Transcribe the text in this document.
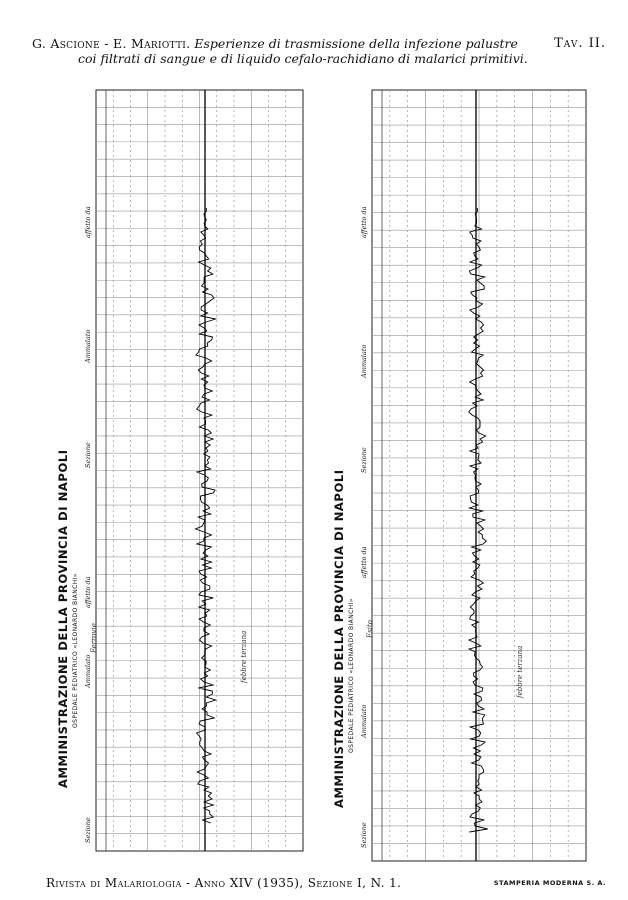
G. Ascione - E. Mariotti. Esperienze di trasmissione della infezione palustre
coi filtrati di sangue e di liquido cefalo-rachidiano di malarici primitivi.
Tav. II.
AMMINISTRAZIONE DELLA PROVINCIA DI NAPOLI OSPEDALE PEDIATRICO «LEONARDO BIANCHI»
Sezione
Ammalato
affetto da
Sezione
Ammalato
affetto da
Ferrovie	febbre terzana	AMMINISTRAZIONE DELLA PROVINCIA DI NAPOLI OSPEDALE PEDIATRICO «LEONARDO BIANCHI»
Sezione
Ammalato
affetto da
Sezione
Ammalato
affetto da
Esito
febbre terzana
Rivista di Malariologia - Anno XIV (1935), Sezione I, N. 1.	STAMPERIA MODERNA S. A.
